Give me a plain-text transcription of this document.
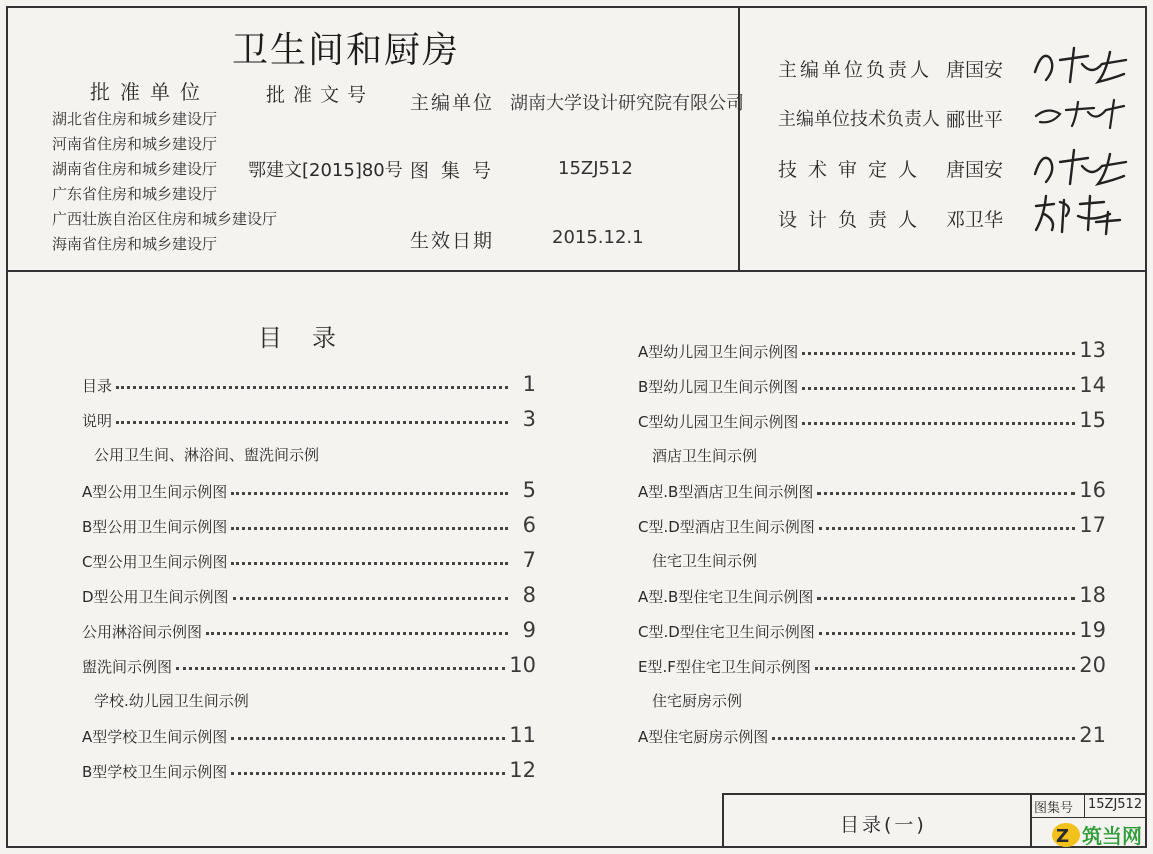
卫生间和厨房
批准单位
湖北省住房和城乡建设厅
河南省住房和城乡建设厅
湖南省住房和城乡建设厅
广东省住房和城乡建设厅
广西壮族自治区住房和城乡建设厅
海南省住房和城乡建设厅
批准文号
鄂建文[2015]80号
主编单位 湖南大学设计研究院有限公司
图集号	15ZJ512
生效日期	2015.12.1
主编单位负责人 唐国安
主编单位技术负责人 郦世平
技术审定人 唐国安
设计负责人 邓卫华
目录
目录	1
说明	3
公用卫生间、淋浴间、盥洗间示例
A型公用卫生间示例图	5
B型公用卫生间示例图	6
C型公用卫生间示例图	7
D型公用卫生间示例图	8
公用淋浴间示例图	9
盥洗间示例图	10
学校.幼儿园卫生间示例
A型学校卫生间示例图	11
B型学校卫生间示例图	12
A型幼儿园卫生间示例图	13
B型幼儿园卫生间示例图	14
C型幼儿园卫生间示例图	15
酒店卫生间示例
A型.B型酒店卫生间示例图	16
C型.D型酒店卫生间示例图	17
住宅卫生间示例
A型.B型住宅卫生间示例图	18
C型.D型住宅卫生间示例图	19
E型.F型住宅卫生间示例图	20
住宅厨房示例
A型住宅厨房示例图	21
目录(一)
图集号 15ZJ512
Z 筑当网
